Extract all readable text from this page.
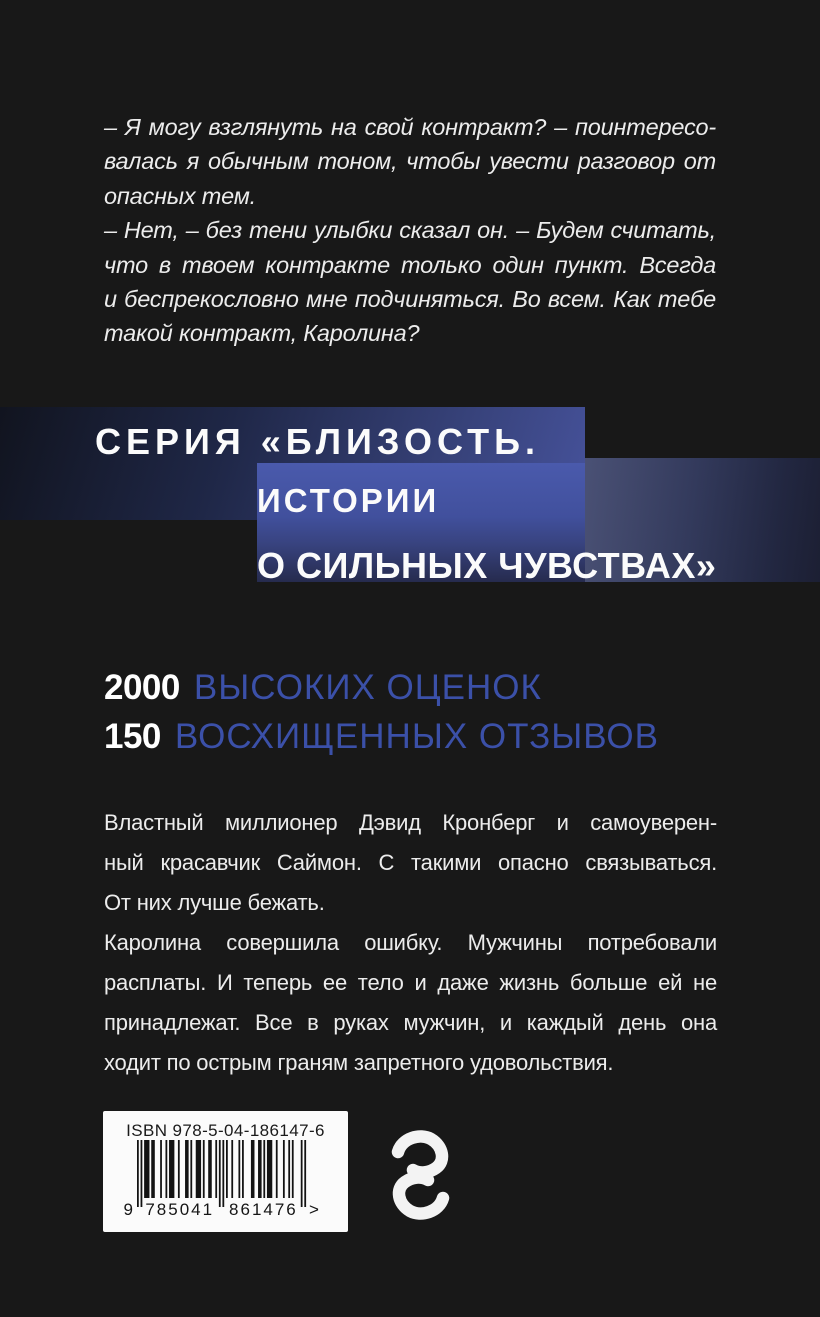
– Я могу взглянуть на свой контракт? – поинтересо-
валась я обычным тоном, чтобы увести разговор от
опасных тем.
– Нет, – без тени улыбки сказал он. – Будем считать,
что в твоем контракте только один пункт. Всегда
и беспрекословно мне подчиняться. Во всем. Как тебе
такой контракт, Каролина?
СЕРИЯ «БЛИЗОСТЬ.
ИСТОРИИ
О СИЛЬНЫХ ЧУВСТВАХ»
2000 ВЫСОКИХ ОЦЕНОК
150 ВОСХИЩЕННЫХ ОТЗЫВОВ
Властный миллионер Дэвид Кронберг и самоуверен-
ный красавчик Саймон. С такими опасно связываться.
От них лучше бежать.
Каролина совершила ошибку. Мужчины потребовали
расплаты. И теперь ее тело и даже жизнь больше ей не
принадлежат. Все в руках мужчин, и каждый день она
ходит по острым граням запретного удовольствия.
ISBN 978-5-04-186147-6
9 785041 861476 >
